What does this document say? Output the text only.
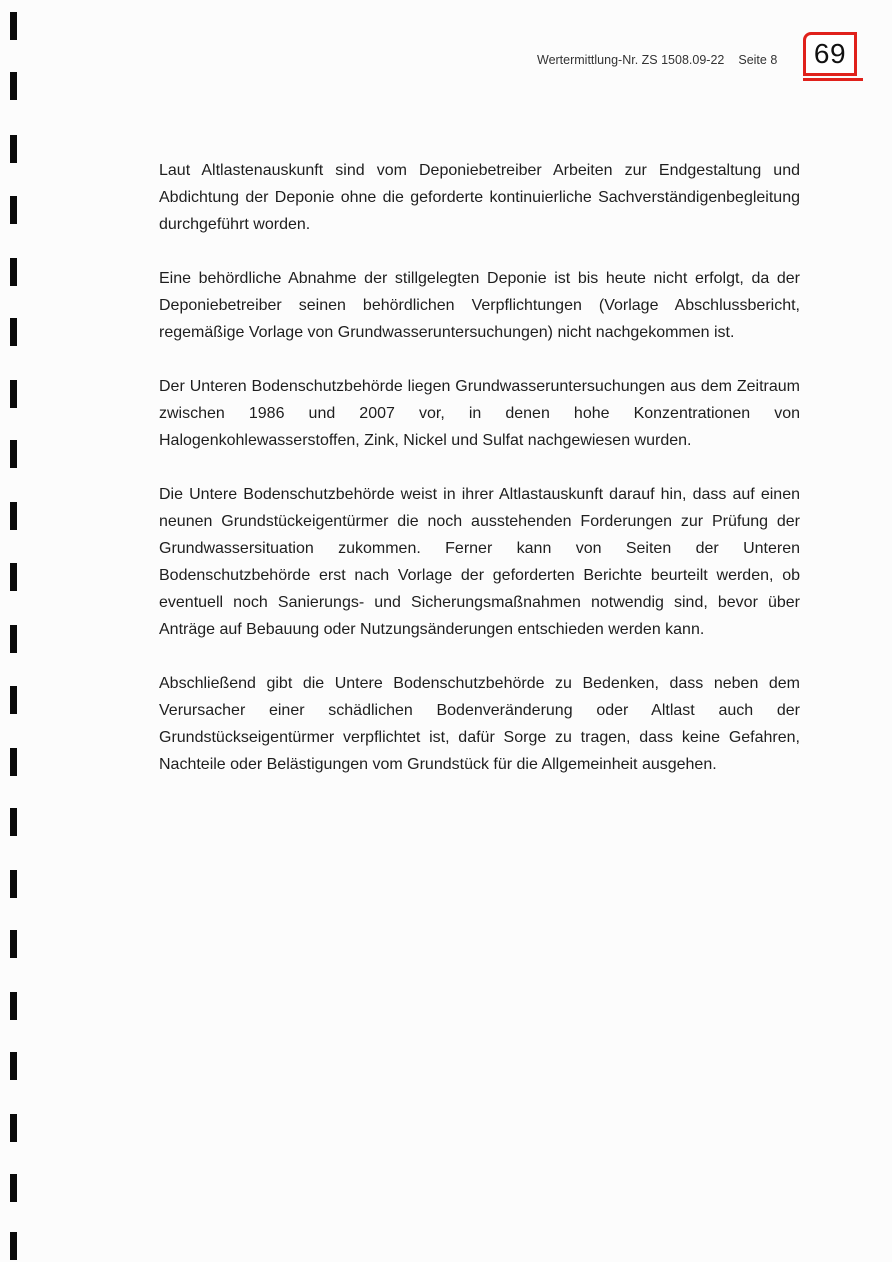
Wertermittlung-Nr. ZS 1508.09-22 Seite 8	69

Laut Altlastenauskunft sind vom Deponiebetreiber Arbeiten zur Endgestaltung und Abdichtung der Deponie ohne die geforderte kontinuierliche Sachverständigenbegleitung durchgeführt worden.

Eine behördliche Abnahme der stillgelegten Deponie ist bis heute nicht erfolgt, da der Deponiebetreiber seinen behördlichen Verpflichtungen (Vorlage Abschlussbericht, regemäßige Vorlage von Grundwasseruntersuchungen) nicht nachgekommen ist.

Der Unteren Bodenschutzbehörde liegen Grundwasseruntersuchungen aus dem Zeitraum zwischen 1986 und 2007 vor, in denen hohe Konzentrationen von Halogenkohlewasserstoffen, Zink, Nickel und Sulfat nachgewiesen wurden.

Die Untere Bodenschutzbehörde weist in ihrer Altlastauskunft darauf hin, dass auf einen neunen Grundstückeigentürmer die noch ausstehenden Forderungen zur Prüfung der Grundwassersituation zukommen. Ferner kann von Seiten der Unteren Bodenschutzbehörde erst nach Vorlage der geforderten Berichte beurteilt werden, ob eventuell noch Sanierungs- und Sicherungsmaßnahmen notwendig sind, bevor über Anträge auf Bebauung oder Nutzungsänderungen entschieden werden kann.

Abschließend gibt die Untere Bodenschutzbehörde zu Bedenken, dass neben dem Verursacher einer schädlichen Bodenveränderung oder Altlast auch der Grundstückseigentürmer verpflichtet ist, dafür Sorge zu tragen, dass keine Gefahren, Nachteile oder Belästigungen vom Grundstück für die Allgemeinheit ausgehen.
